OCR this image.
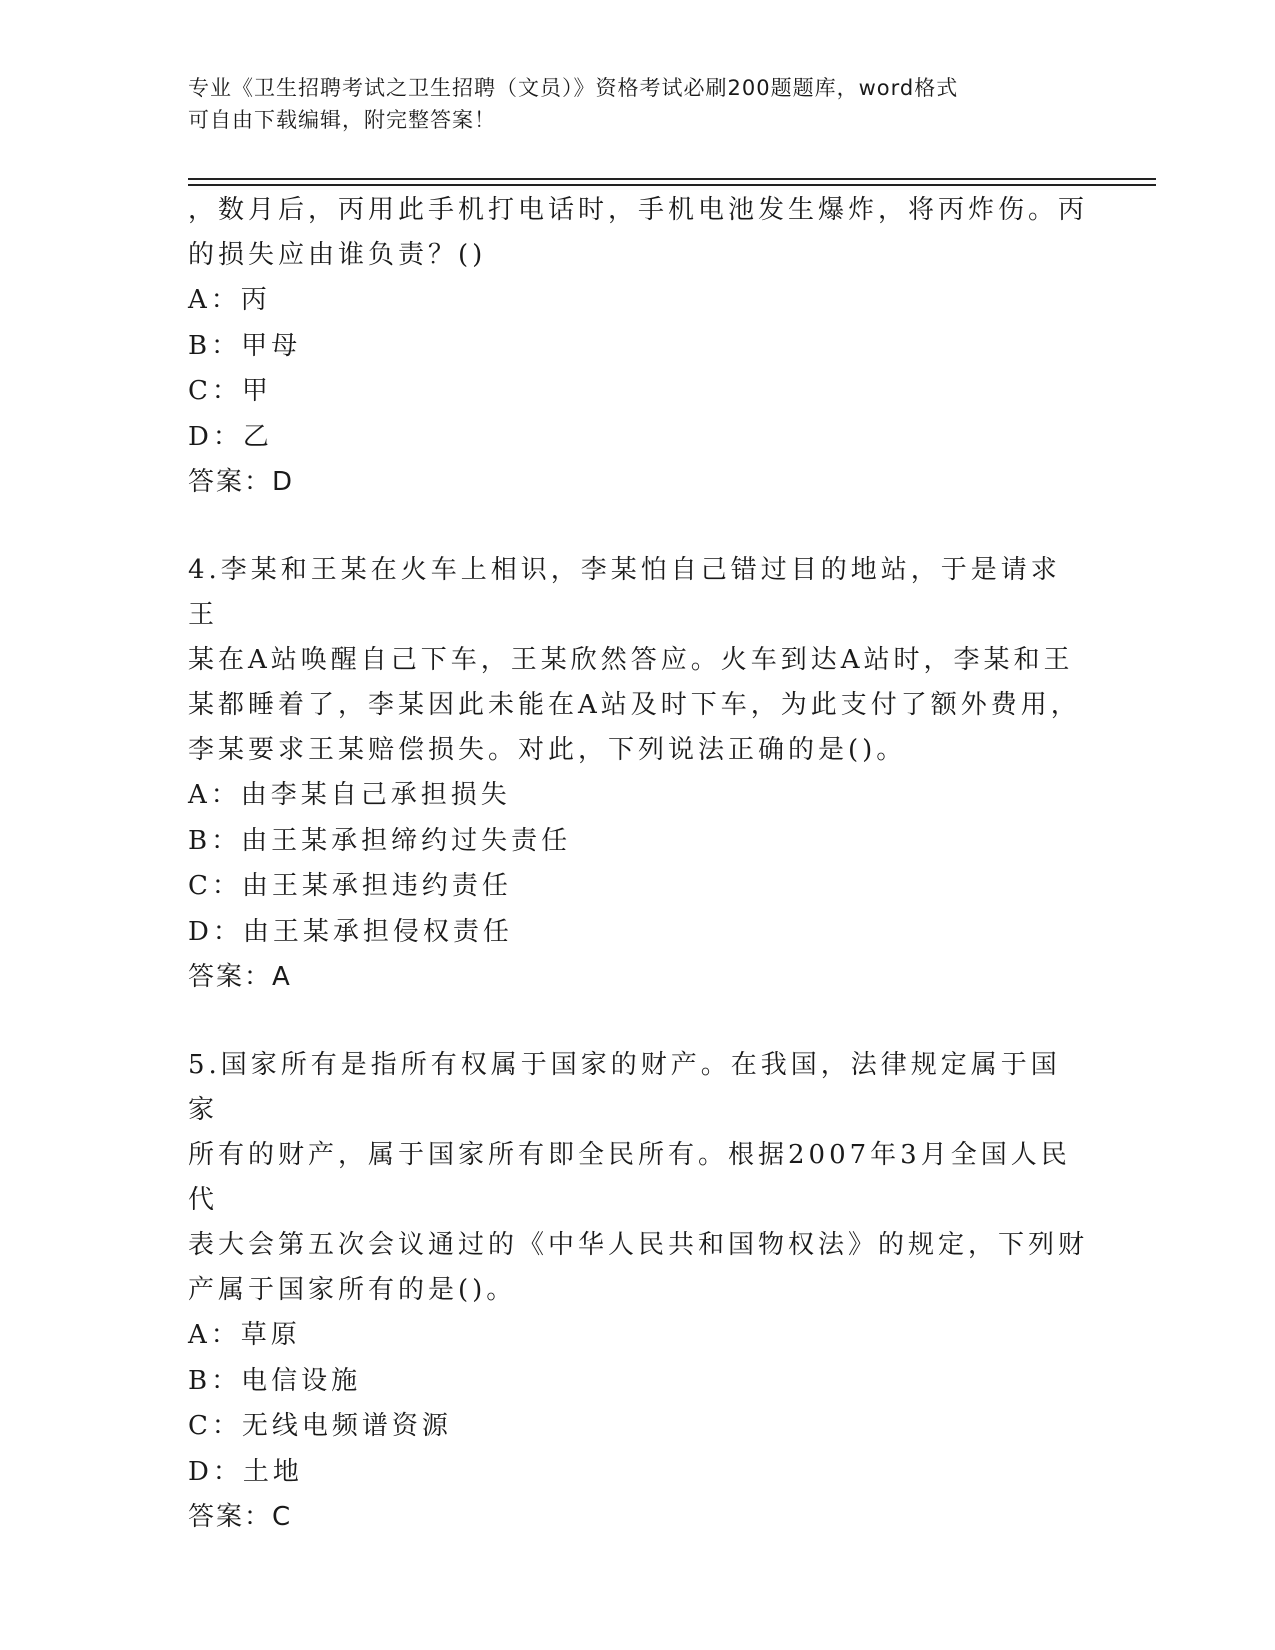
专业《卫生招聘考试之卫生招聘（文员）》资格考试必刷200题题库，word格式
可自由下载编辑，附完整答案！

，数月后，丙用此手机打电话时，手机电池发生爆炸，将丙炸伤。丙

的损失应由谁负责？()

A：丙

B：甲母

C：甲

D：乙

答案：D

4.李某和王某在火车上相识，李某怕自己错过目的地站，于是请求王

某在A站唤醒自己下车，王某欣然答应。火车到达A站时，李某和王

某都睡着了，李某因此未能在A站及时下车，为此支付了额外费用，

李某要求王某赔偿损失。对此，下列说法正确的是()。

A：由李某自己承担损失

B：由王某承担缔约过失责任

C：由王某承担违约责任

D：由王某承担侵权责任

答案：A

5.国家所有是指所有权属于国家的财产。在我国，法律规定属于国家

所有的财产，属于国家所有即全民所有。根据2007年3月全国人民代

表大会第五次会议通过的《中华人民共和国物权法》的规定，下列财

产属于国家所有的是()。

A：草原

B：电信设施

C：无线电频谱资源

D：土地

答案：C
